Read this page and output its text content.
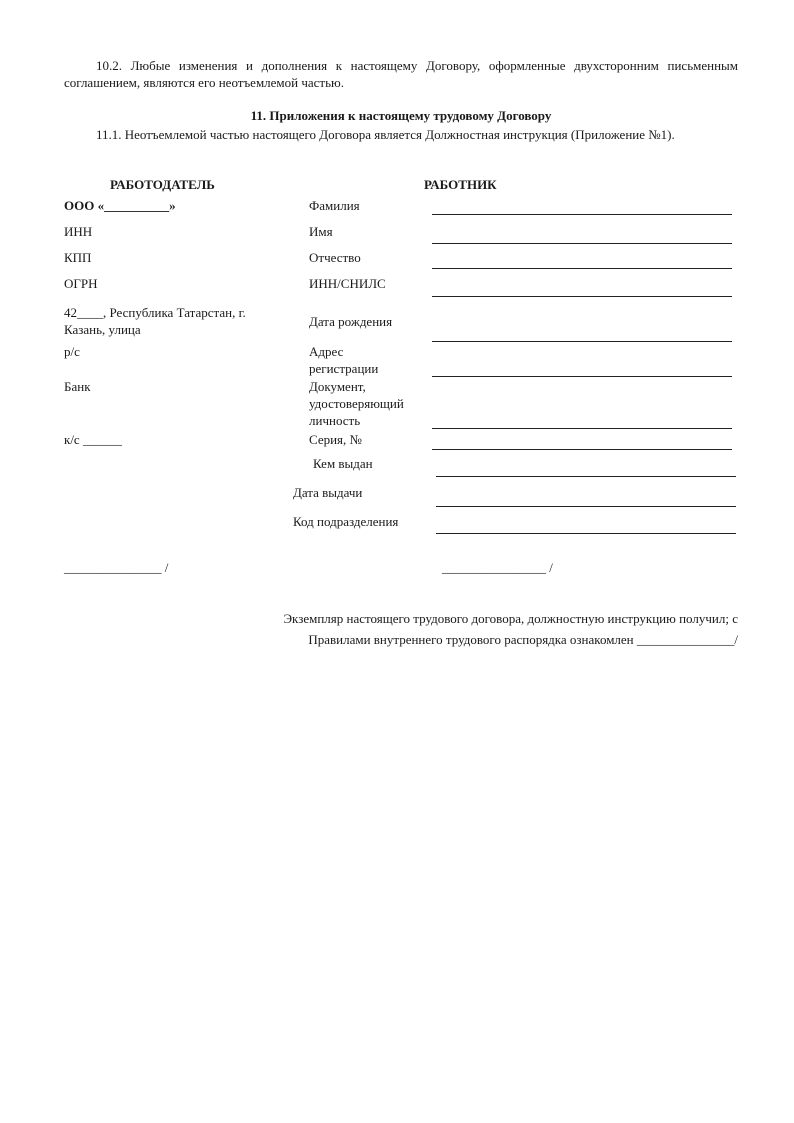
10.2. Любые изменения и дополнения к настоящему Договору, оформленные двухсторонним письменным соглашением, являются его неотъемлемой частью.
11. Приложения к настоящему трудовому Договору
11.1. Неотъемлемой частью настоящего Договора является Должностная инструкция (Приложение №1).
РАБОТОДАТЕЛЬ	РАБОТНИК
ООО «__________»
ИНН
КПП
ОГРН
42____, Республика Татарстан, г.
Казань, улица
р/с
Банк
к/с ______
Фамилия
Имя
Отчество
ИНН/СНИЛС
Дата рождения
Адрес
регистрации
Документ,
удостоверяющий
личность
Серия, №
Кем выдан
Дата выдачи
Код подразделения
_______________ /	________________ /
Экземпляр настоящего трудового договора, должностную инструкцию получил; с
Правилами внутреннего трудового распорядка ознакомлен _______________/
